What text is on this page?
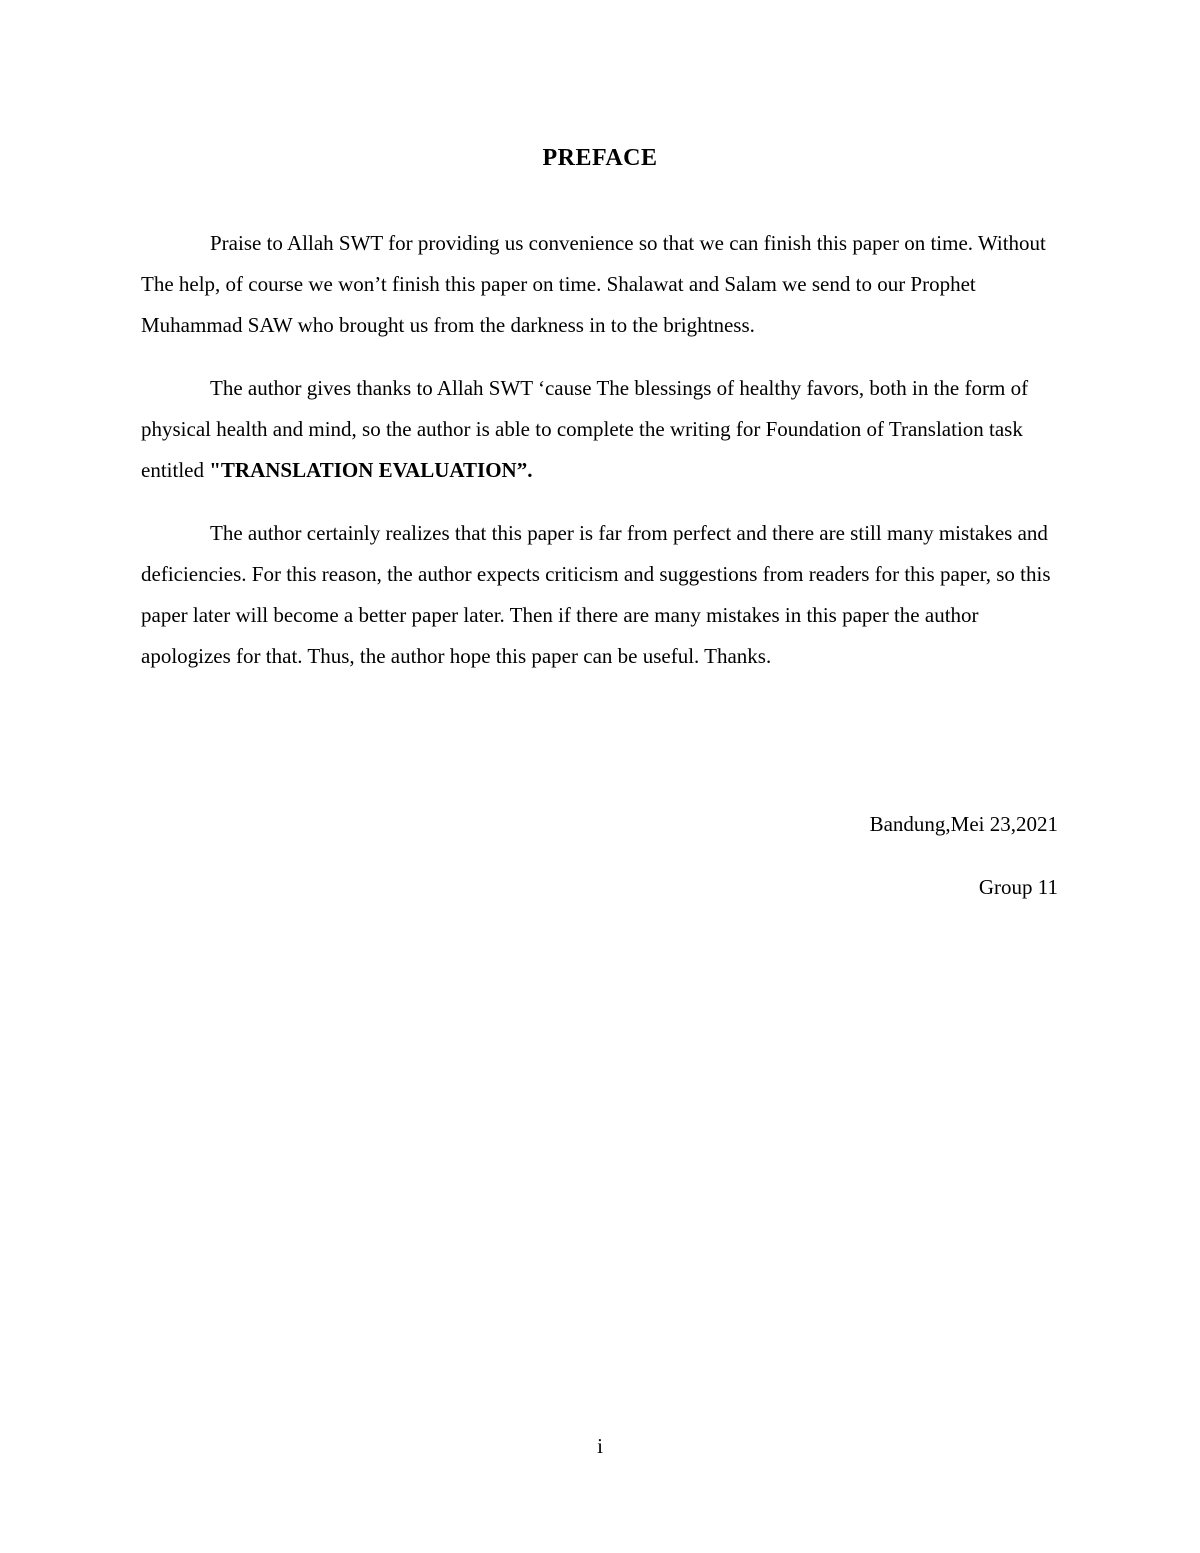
PREFACE

Praise to Allah SWT for providing us convenience so that we can finish this paper on time. Without The help, of course we won’t finish this paper on time. Shalawat and Salam we send to our Prophet Muhammad SAW who brought us from the darkness in to the brightness.

The author gives thanks to Allah SWT ‘cause The blessings of healthy favors, both in the form of physical health and mind, so the author is able to complete the writing for Foundation of Translation task entitled "TRANSLATION EVALUATION”.

The author certainly realizes that this paper is far from perfect and there are still many mistakes and deficiencies. For this reason, the author expects criticism and suggestions from readers for this paper, so this paper later will become a better paper later. Then if there are many mistakes in this paper the author apologizes for that. Thus, the author hope this paper can be useful. Thanks.

Bandung,Mei 23,2021
Group 11
i
